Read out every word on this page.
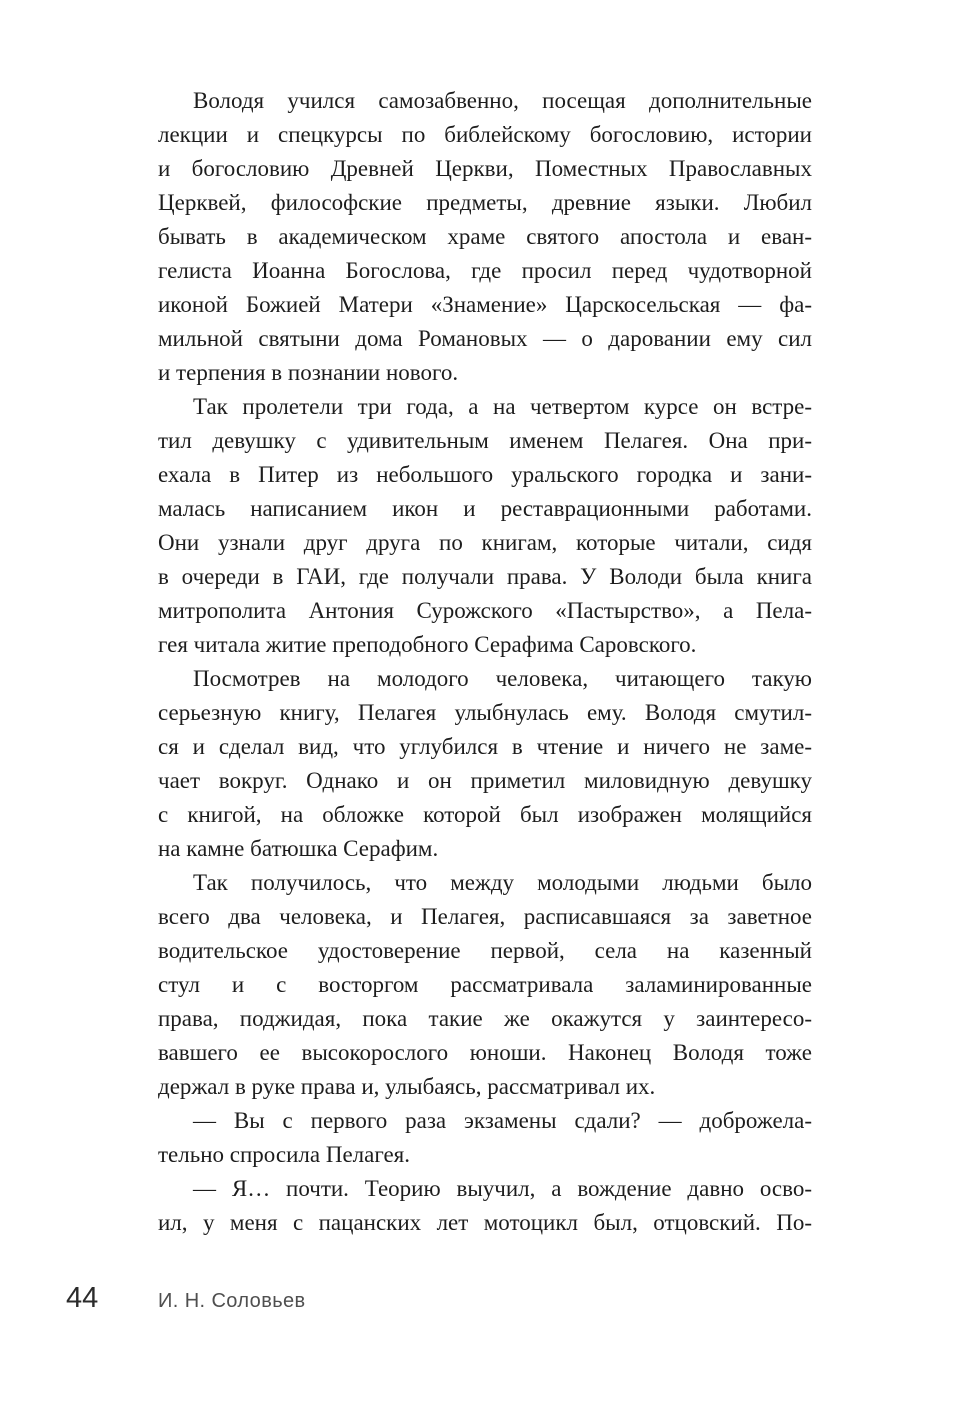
Володя учился самозабвенно, посещая дополнительные
лекции и спецкурсы по библейскому богословию, истории
и богословию Древней Церкви, Поместных Православных
Церквей, философские предметы, древние языки. Любил
бывать в академическом храме святого апостола и еван-
гелиста Иоанна Богослова, где просил перед чудотворной
иконой Божией Матери «Знамение» Царскосельская — фа-
мильной святыни дома Романовых — о даровании ему сил
и терпения в познании нового.

Так пролетели три года, а на четвертом курсе он встре-
тил девушку с удивительным именем Пелагея. Она при-
ехала в Питер из небольшого уральского городка и зани-
малась написанием икон и реставрационными работами.
Они узнали друг друга по книгам, которые читали, сидя
в очереди в ГАИ, где получали права. У Володи была книга
митрополита Антония Сурожского «Пастырство», а Пела-
гея читала житие преподобного Серафима Саровского.

Посмотрев на молодого человека, читающего такую
серьезную книгу, Пелагея улыбнулась ему. Володя смутил-
ся и сделал вид, что углубился в чтение и ничего не заме-
чает вокруг. Однако и он приметил миловидную девушку
с книгой, на обложке которой был изображен молящийся
на камне батюшка Серафим.

Так получилось, что между молодыми людьми было
всего два человека, и Пелагея, расписавшаяся за заветное
водительское удостоверение первой, села на казенный
стул и с восторгом рассматривала заламинированные
права, поджидая, пока такие же окажутся у заинтересо-
вавшего ее высокорослого юноши. Наконец Володя тоже
держал в руке права и, улыбаясь, рассматривал их.

— Вы с первого раза экзамены сдали? — доброжела-
тельно спросила Пелагея.

— Я… почти. Теорию выучил, а вождение давно осво-
ил, у меня с пацанских лет мотоцикл был, отцовский. По-

44	И. Н. Соловьев
